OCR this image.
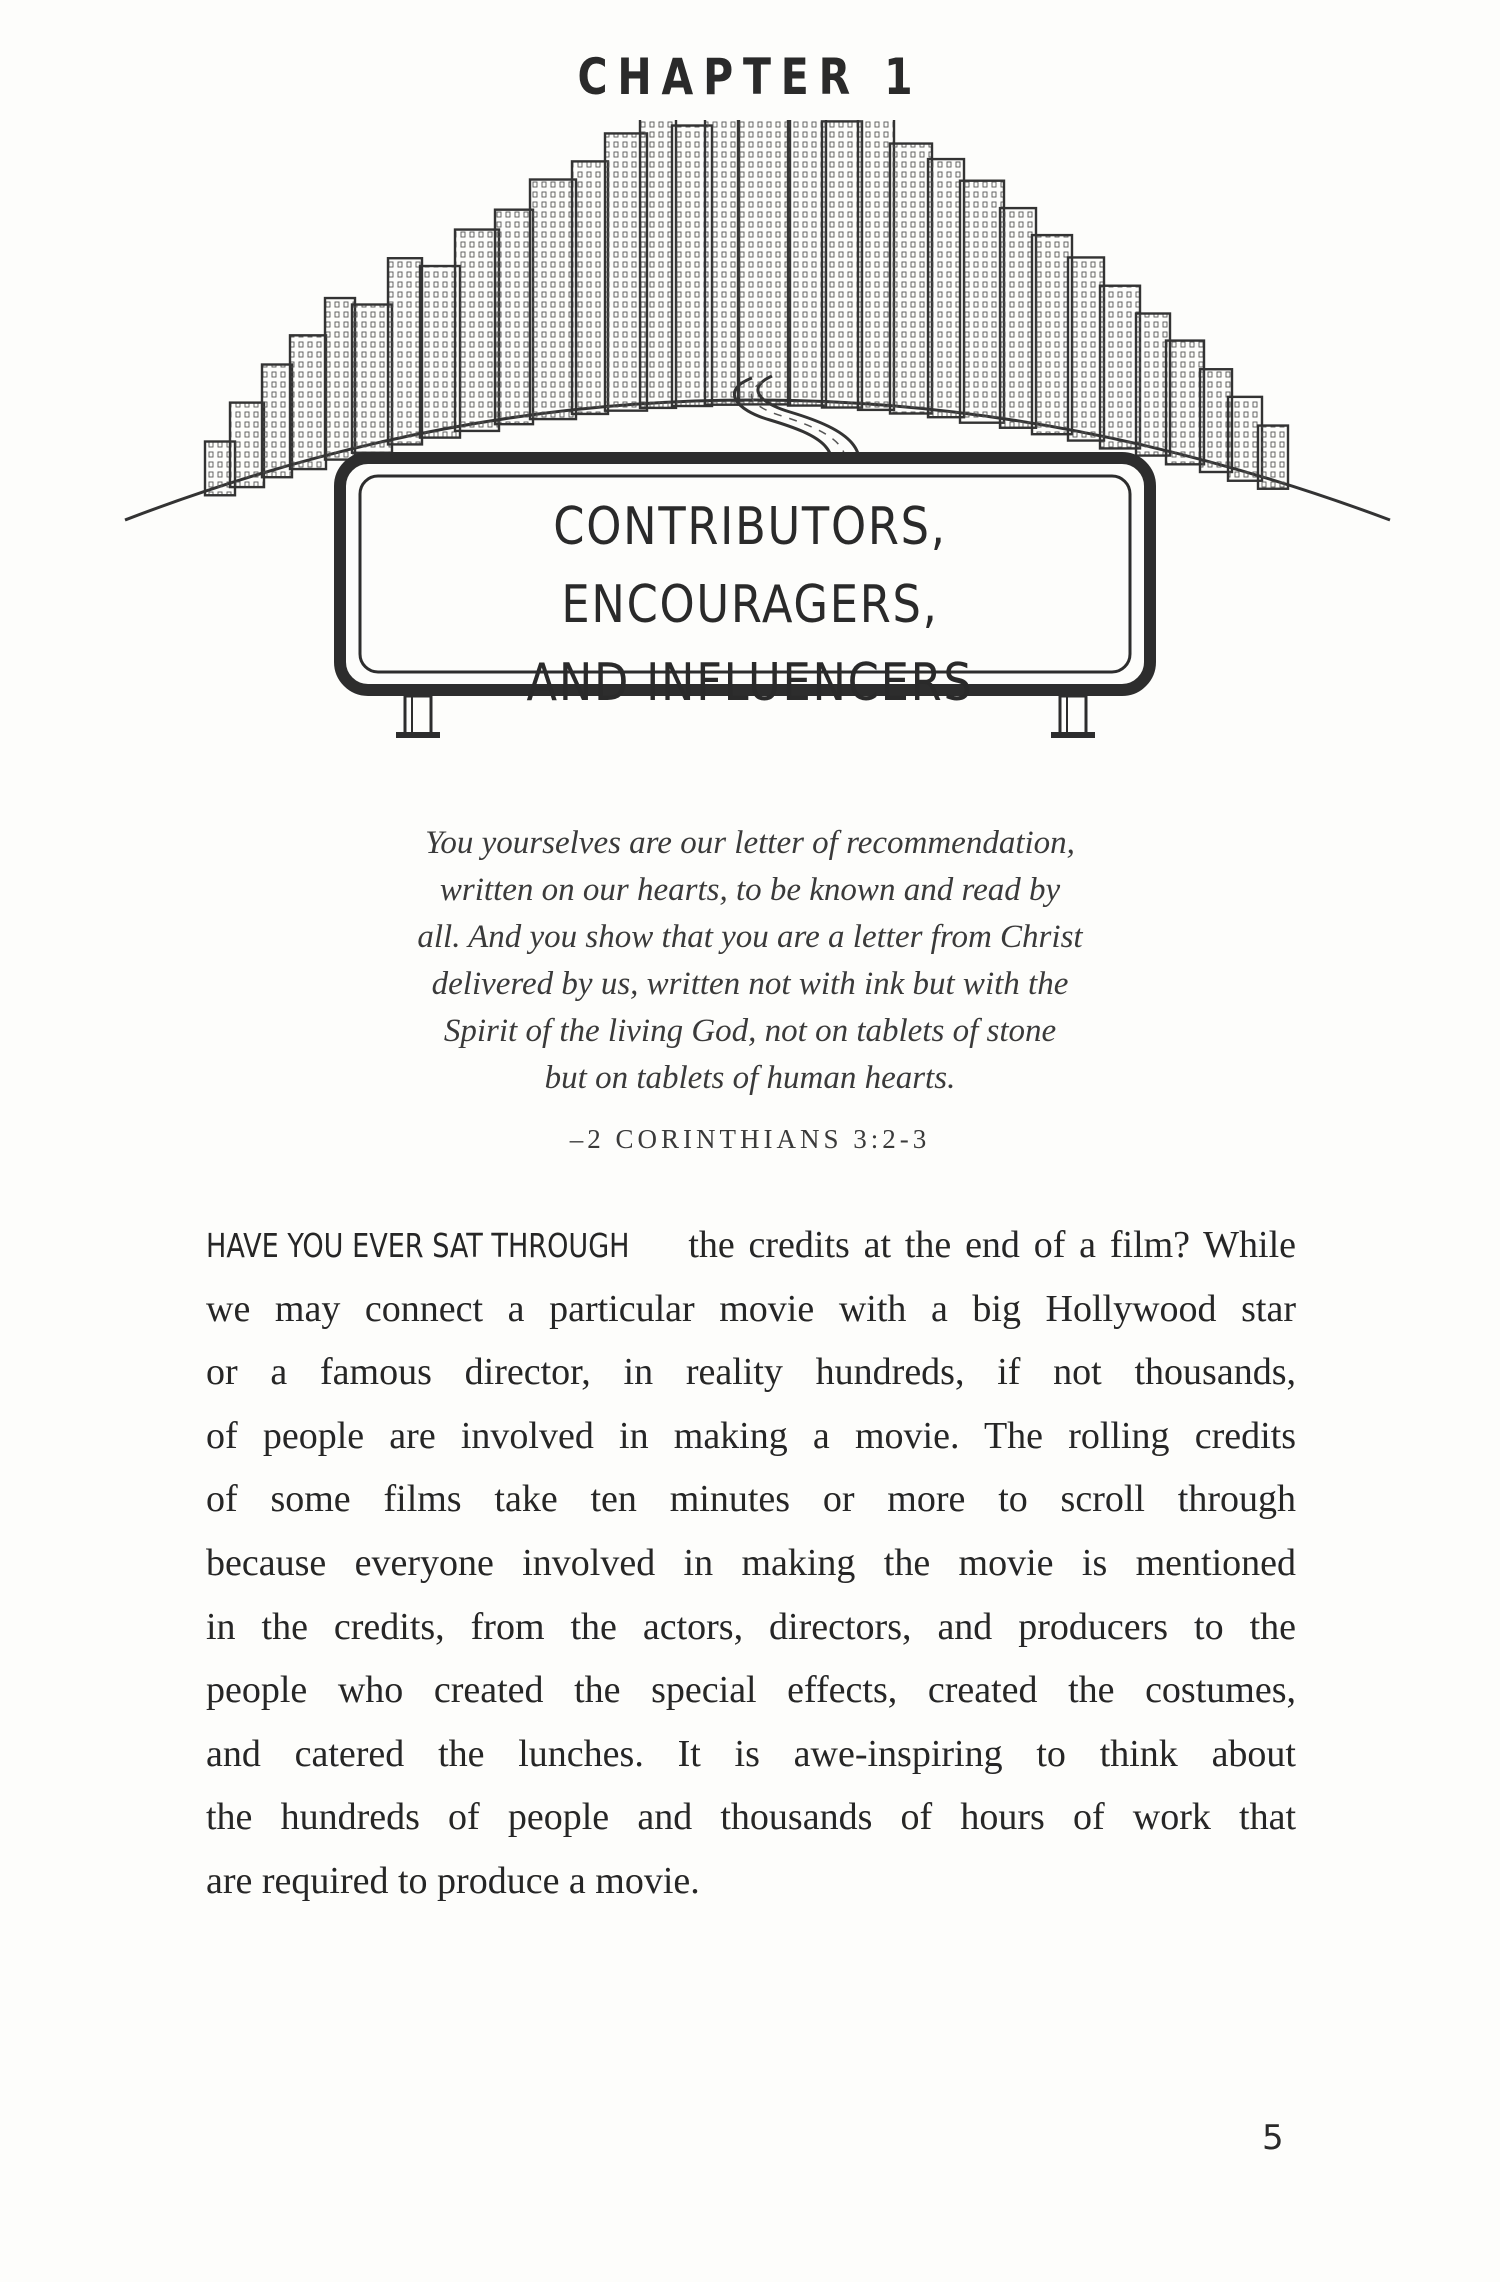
CHAPTER 1
CONTRIBUTORS, ENCOURAGERS,
AND INFLUENCERS
You yourselves are our letter of recommendation,
written on our hearts, to be known and read by
all. And you show that you are a letter from Christ
delivered by us, written not with ink but with the
Spirit of the living God, not on tablets of stone
but on tablets of human hearts.
–2 CORINTHIANS 3:2-3
HAVE YOU EVER SAT THROUGH the credits at the end of a film? While
we may connect a particular movie with a big Hollywood star
or a famous director, in reality hundreds, if not thousands,
of people are involved in making a movie. The rolling credits
of some films take ten minutes or more to scroll through
because everyone involved in making the movie is mentioned
in the credits, from the actors, directors, and producers to the
people who created the special effects, created the costumes,
and catered the lunches. It is awe-inspiring to think about
the hundreds of people and thousands of hours of work that
are required to produce a movie.
5
